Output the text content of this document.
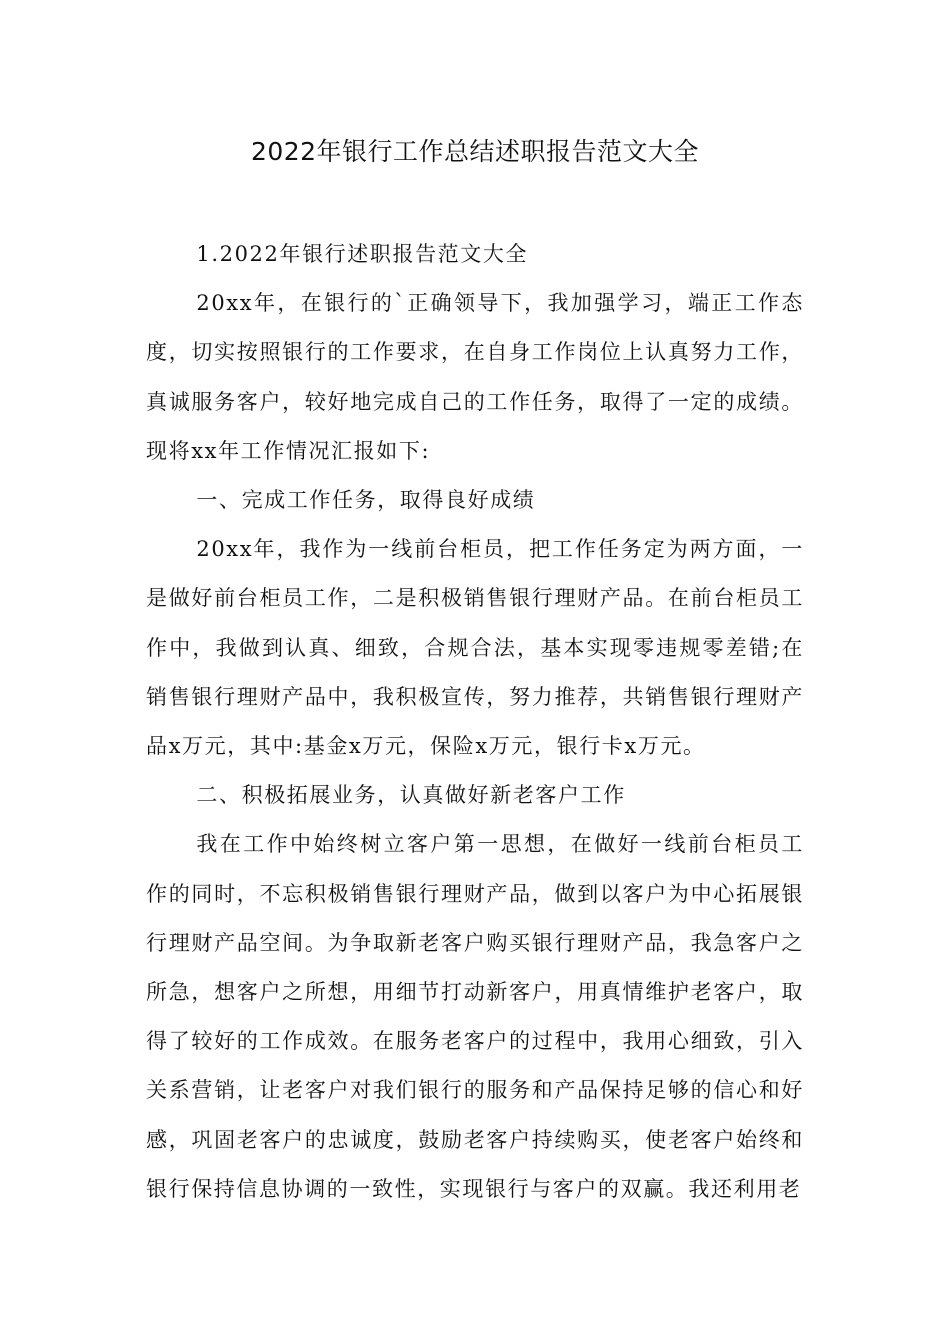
2022年银行工作总结述职报告范文大全

1.2022年银行述职报告范文大全

20xx年，在银行的`正确领导下，我加强学习，端正工作态度，切实按照银行的工作要求，在自身工作岗位上认真努力工作，真诚服务客户，较好地完成自己的工作任务，取得了一定的成绩。现将xx年工作情况汇报如下:

一、完成工作任务，取得良好成绩

20xx年，我作为一线前台柜员，把工作任务定为两方面，一是做好前台柜员工作，二是积极销售银行理财产品。在前台柜员工作中，我做到认真、细致，合规合法，基本实现零违规零差错;在销售银行理财产品中，我积极宣传，努力推荐，共销售银行理财产品x万元，其中:基金x万元，保险x万元，银行卡x万元。

二、积极拓展业务，认真做好新老客户工作

我在工作中始终树立客户第一思想，在做好一线前台柜员工作的同时，不忘积极销售银行理财产品，做到以客户为中心拓展银行理财产品空间。为争取新老客户购买银行理财产品，我急客户之所急，想客户之所想，用细节打动新客户，用真情维护老客户，取得了较好的工作成效。在服务老客户的过程中，我用心细致，引入关系营销，让老客户对我们银行的服务和产品保持足够的信心和好感，巩固老客户的忠诚度，鼓励老客户持续购买，使老客户始终和银行保持信息协调的一致性，实现银行与客户的双赢。我还利用老
